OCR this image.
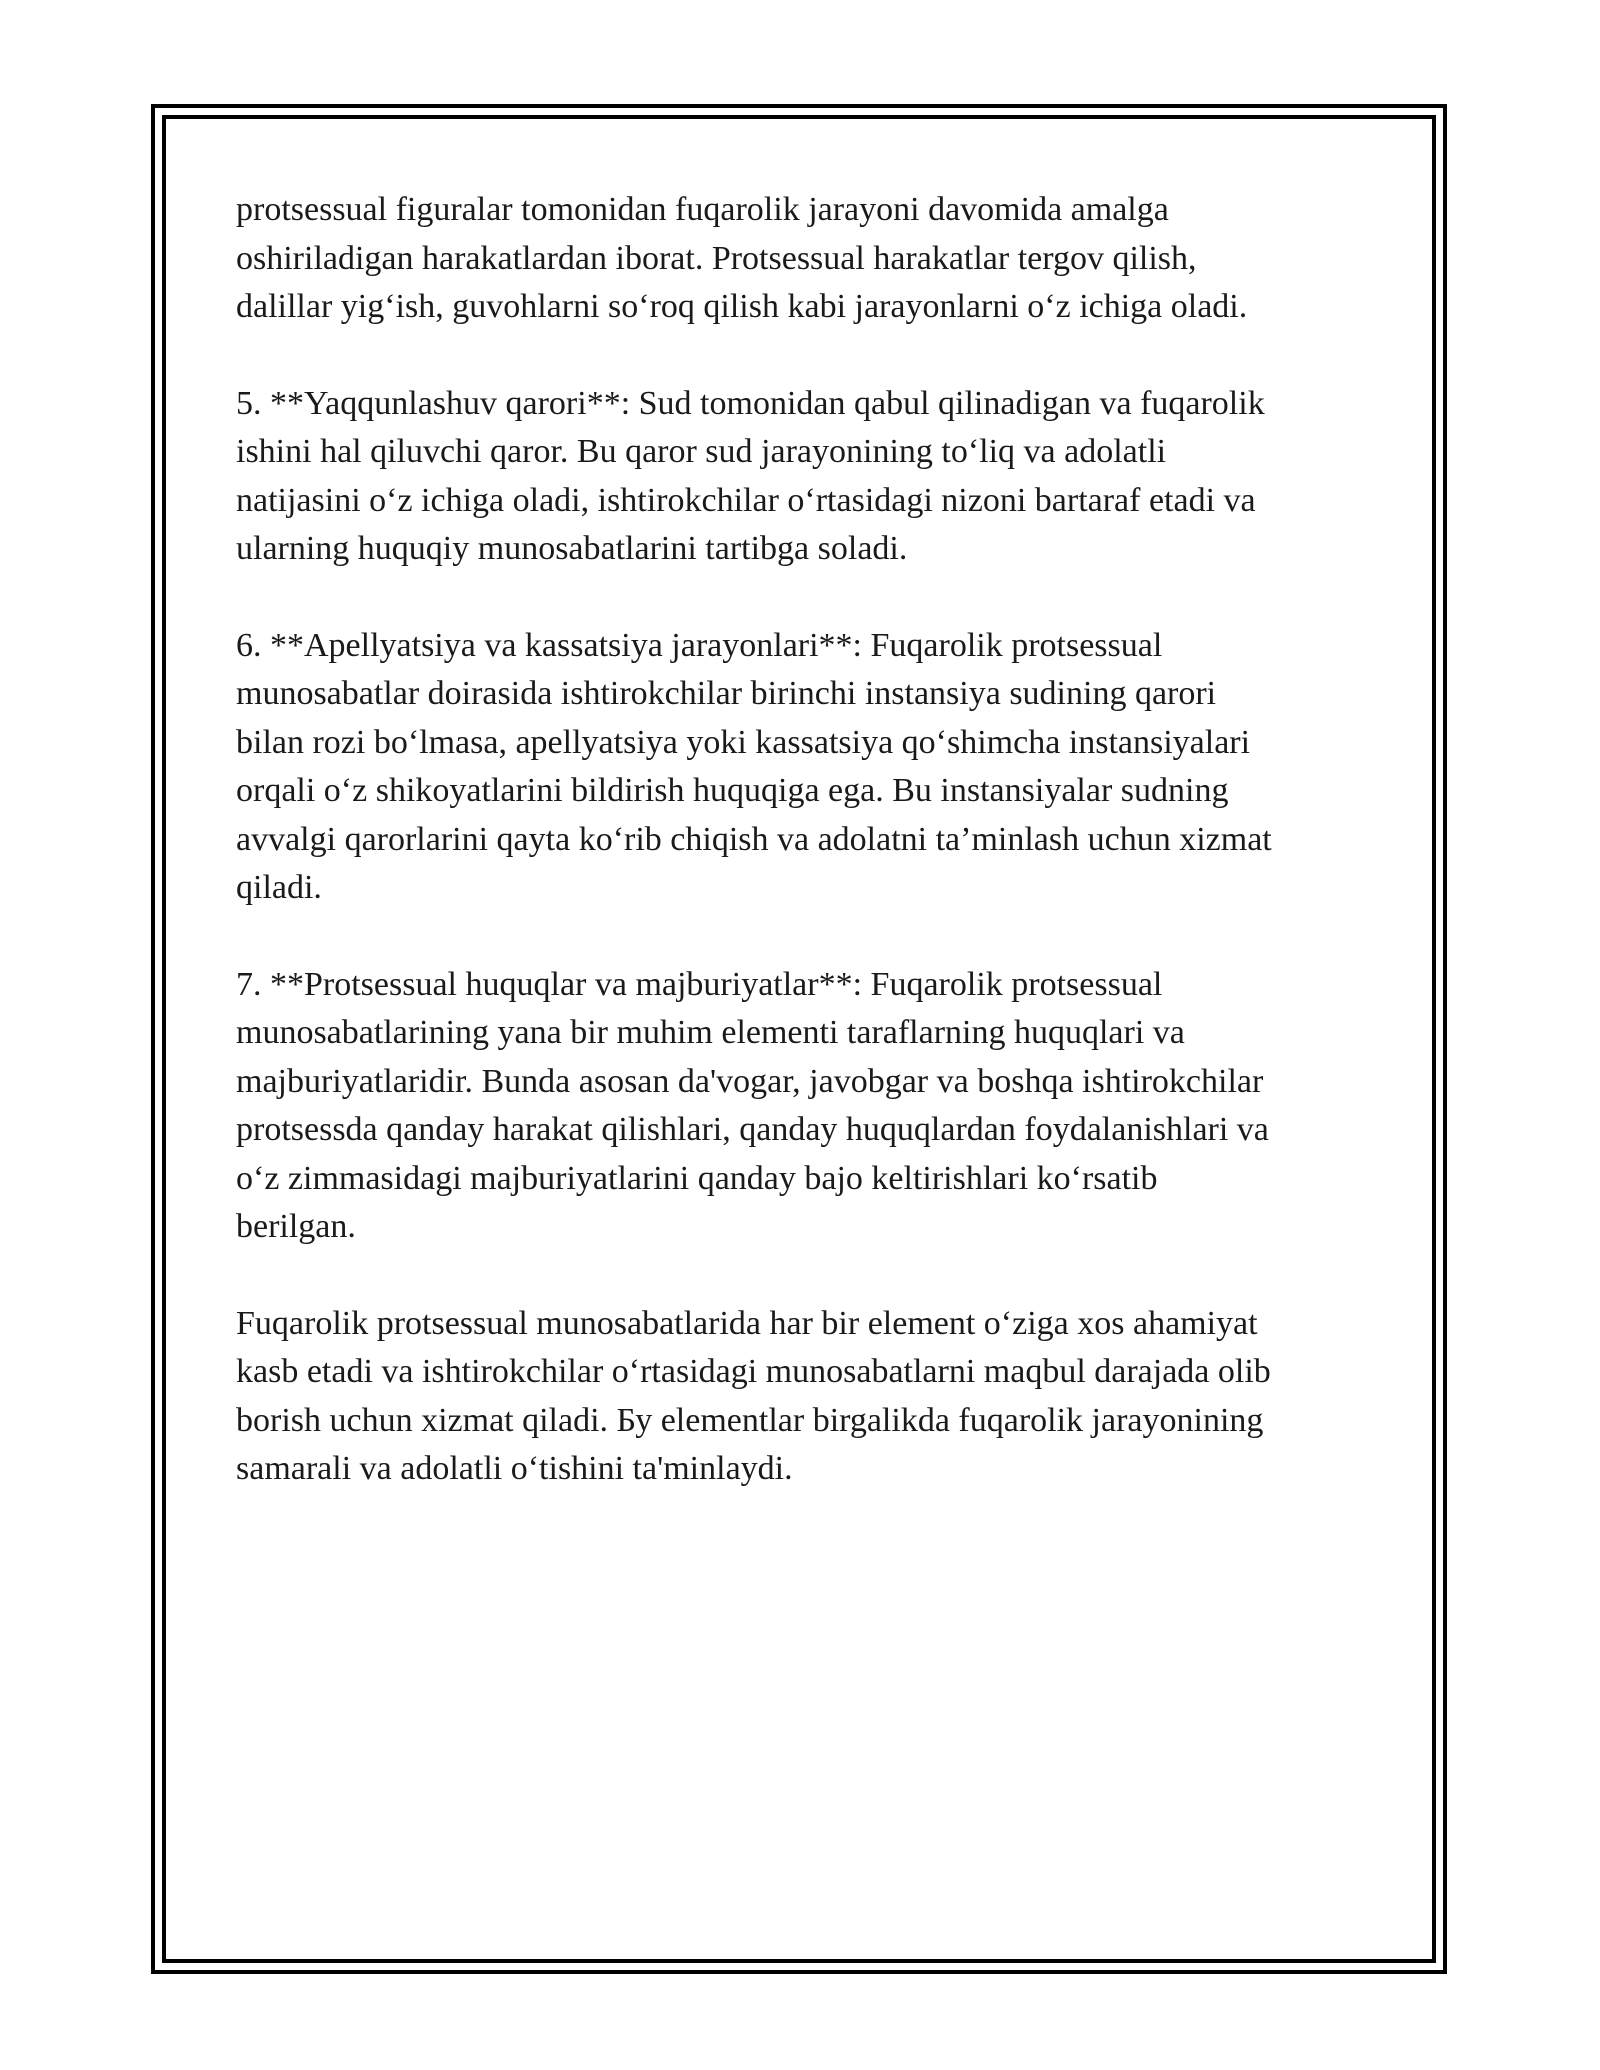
protsessual figuralar tomonidan fuqarolik jarayoni davomida amalga
oshiriladigan harakatlardan iborat. Protsessual harakatlar tergov qilish,
dalillar yig‘ish, guvohlarni so‘roq qilish kabi jarayonlarni o‘z ichiga oladi.

5. **Yaqqunlashuv qarori**: Sud tomonidan qabul qilinadigan va fuqarolik
ishini hal qiluvchi qaror. Bu qaror sud jarayonining to‘liq va adolatli
natijasini o‘z ichiga oladi, ishtirokchilar o‘rtasidagi nizoni bartaraf etadi va
ularning huquqiy munosabatlarini tartibga soladi.

6. **Apellyatsiya va kassatsiya jarayonlari**: Fuqarolik protsessual
munosabatlar doirasida ishtirokchilar birinchi instansiya sudining qarori
bilan rozi bo‘lmasa, apellyatsiya yoki kassatsiya qo‘shimcha instansiyalari
orqali o‘z shikoyatlarini bildirish huquqiga ega. Bu instansiyalar sudning
avvalgi qarorlarini qayta ko‘rib chiqish va adolatni ta’minlash uchun xizmat
qiladi.

7. **Protsessual huquqlar va majburiyatlar**: Fuqarolik protsessual
munosabatlarining yana bir muhim elementi taraflarning huquqlari va
majburiyatlaridir. Bunda asosan da'vogar, javobgar va boshqa ishtirokchilar
protsessda qanday harakat qilishlari, qanday huquqlardan foydalanishlari va
o‘z zimmasidagi majburiyatlarini qanday bajo keltirishlari ko‘rsatib
berilgan.

Fuqarolik protsessual munosabatlarida har bir element o‘ziga xos ahamiyat
kasb etadi va ishtirokchilar o‘rtasidagi munosabatlarni maqbul darajada olib
borish uchun xizmat qiladi. Бу elementlar birgalikda fuqarolik jarayonining
samarali va adolatli o‘tishini ta'minlaydi.
